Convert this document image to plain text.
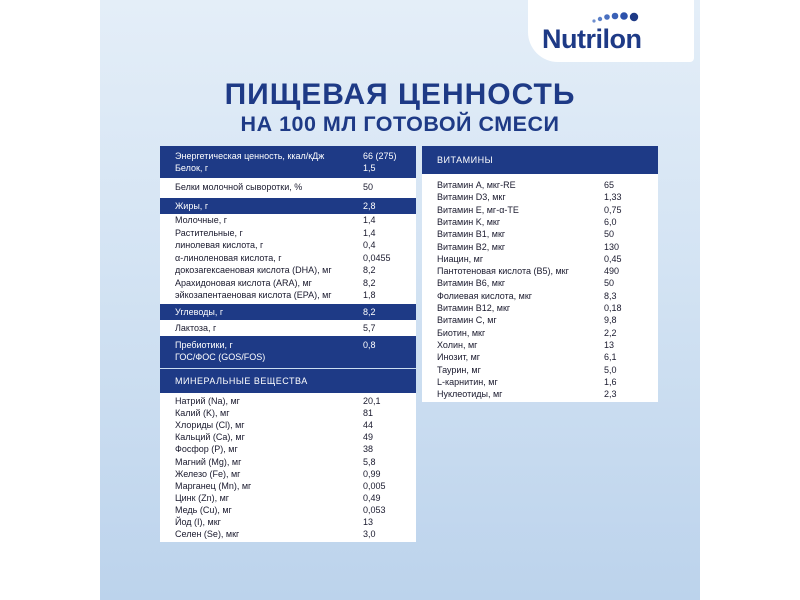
Nutrilon
ПИЩЕВАЯ ЦЕННОСТЬ
НА 100 МЛ ГОТОВОЙ СМЕСИ
Энергетическая ценность, ккал/кДж	66 (275)
Белок, г	1,5
Белки молочной сыворотки, %	50
Жиры, г	2,8
Молочные, г	1,4
Растительные, г	1,4
линолевая кислота, г	0,4
α-линоленовая кислота, г	0,0455
докозагексаеновая кислота (DHA), мг	8,2
Арахидоновая кислота (ARA), мг	8,2
эйкозапентаеновая кислота (EPA), мг	1,8
Углеводы, г	8,2
Лактоза, г	5,7
Пребиотики, г	0,8
ГОС/ФОС (GOS/FOS)
МИНЕРАЛЬНЫЕ ВЕЩЕСТВА
Натрий (Na), мг	20,1
Калий (K), мг	81
Хлориды (Cl), мг	44
Кальций (Ca), мг	49
Фосфор (P), мг	38
Магний (Mg), мг	5,8
Железо (Fe), мг	0,99
Марганец (Mn), мг	0,005
Цинк (Zn), мг	0,49
Медь (Cu), мг	0,053
Йод (I), мкг	13
Селен (Se), мкг	3,0
ВИТАМИНЫ
Витамин A, мкг-RE	65
Витамин D3, мкг	1,33
Витамин E, мг-α-TE	0,75
Витамин K, мкг	6,0
Витамин B1, мкг	50
Витамин B2, мкг	130
Ниацин, мг	0,45
Пантотеновая кислота (B5), мкг	490
Витамин B6, мкг	50
Фолиевая кислота, мкг	8,3
Витамин B12, мкг	0,18
Витамин C, мг	9,8
Биотин, мкг	2,2
Холин, мг	13
Инозит, мг	6,1
Таурин, мг	5,0
L-карнитин, мг	1,6
Нуклеотиды, мг	2,3
